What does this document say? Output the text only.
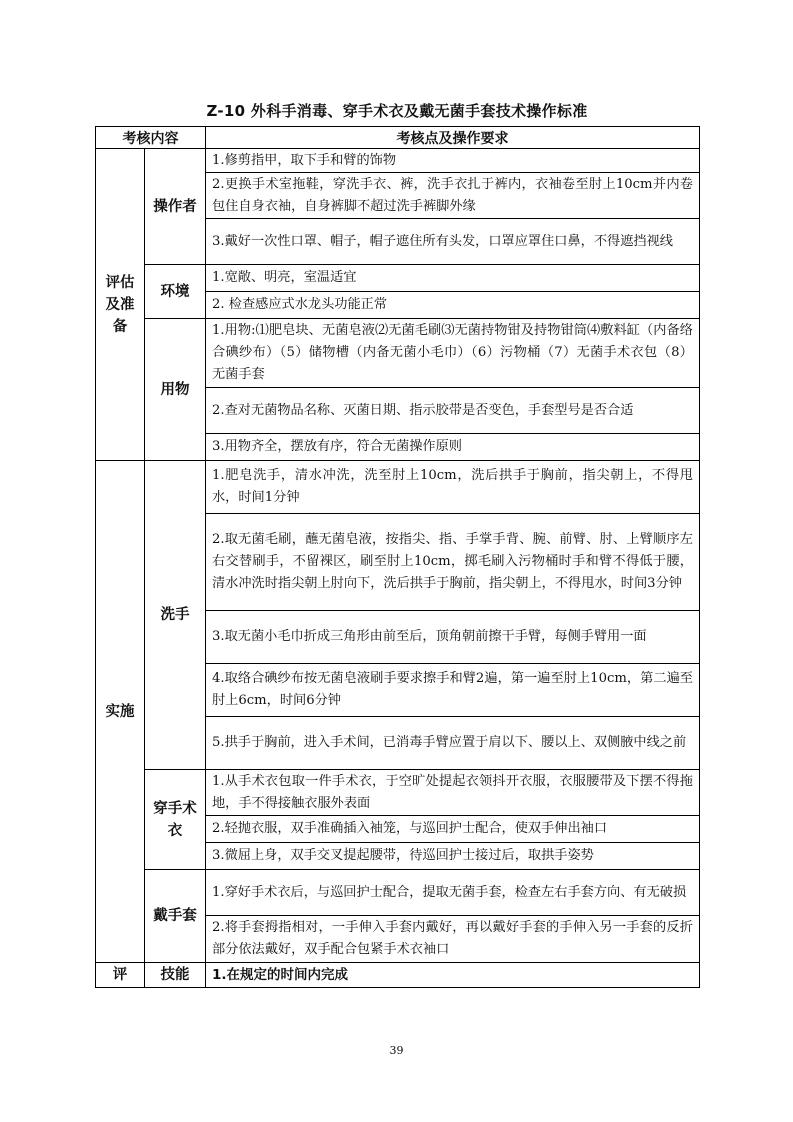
Z-10 外科手消毒、穿手术衣及戴无菌手套技术操作标准
考核内容		考核点及操作要求
评估及准备	操作者	1.修剪指甲，取下手和臂的饰物
		2.更换手术室拖鞋，穿洗手衣、裤，洗手衣扎于裤内，衣袖卷至肘上10cm并内卷包住自身衣袖，自身裤脚不超过洗手裤脚外缘
		3.戴好一次性口罩、帽子，帽子遮住所有头发，口罩应罩住口鼻，不得遮挡视线
	环境	1.宽敞、明亮，室温适宜
		2. 检查感应式水龙头功能正常
	用物	1.用物:⑴肥皂块、无菌皂液⑵无菌毛刷⑶无菌持物钳及持物钳筒⑷敷料缸（内备络合碘纱布）（5）储物槽（内备无菌小毛巾）（6）污物桶（7）无菌手术衣包（8）无菌手套
		2.查对无菌物品名称、灭菌日期、指示胶带是否变色，手套型号是否合适
		3.用物齐全，摆放有序，符合无菌操作原则
实施	洗手	1.肥皂洗手，清水冲洗，洗至肘上10cm，洗后拱手于胸前，指尖朝上，不得甩水，时间1分钟
		2.取无菌毛刷，蘸无菌皂液，按指尖、指、手掌手背、腕、前臂、肘、上臂顺序左右交替刷手，不留裸区，刷至肘上10cm，掷毛刷入污物桶时手和臂不得低于腰，清水冲洗时指尖朝上肘向下，洗后拱手于胸前，指尖朝上，不得甩水，时间3分钟
		3.取无菌小毛巾折成三角形由前至后，顶角朝前擦干手臂，每侧手臂用一面
		4.取络合碘纱布按无菌皂液刷手要求擦手和臂2遍，第一遍至肘上10cm，第二遍至肘上6cm，时间6分钟
		5.拱手于胸前，进入手术间，已消毒手臂应置于肩以下、腰以上、双侧腋中线之前
	穿手术衣	1.从手术衣包取一件手术衣，于空旷处提起衣领抖开衣服，衣服腰带及下摆不得拖地，手不得接触衣服外表面
		2.轻抛衣服，双手准确插入袖笼，与巡回护士配合，使双手伸出袖口
		3.微屈上身，双手交叉提起腰带，待巡回护士接过后，取拱手姿势
	戴手套	1.穿好手术衣后，与巡回护士配合，提取无菌手套，检查左右手套方向、有无破损
		2.将手套拇指相对，一手伸入手套内戴好，再以戴好手套的手伸入另一手套的反折部分依法戴好，双手配合包紧手术衣袖口
评	技能	1.在规定的时间内完成
39
